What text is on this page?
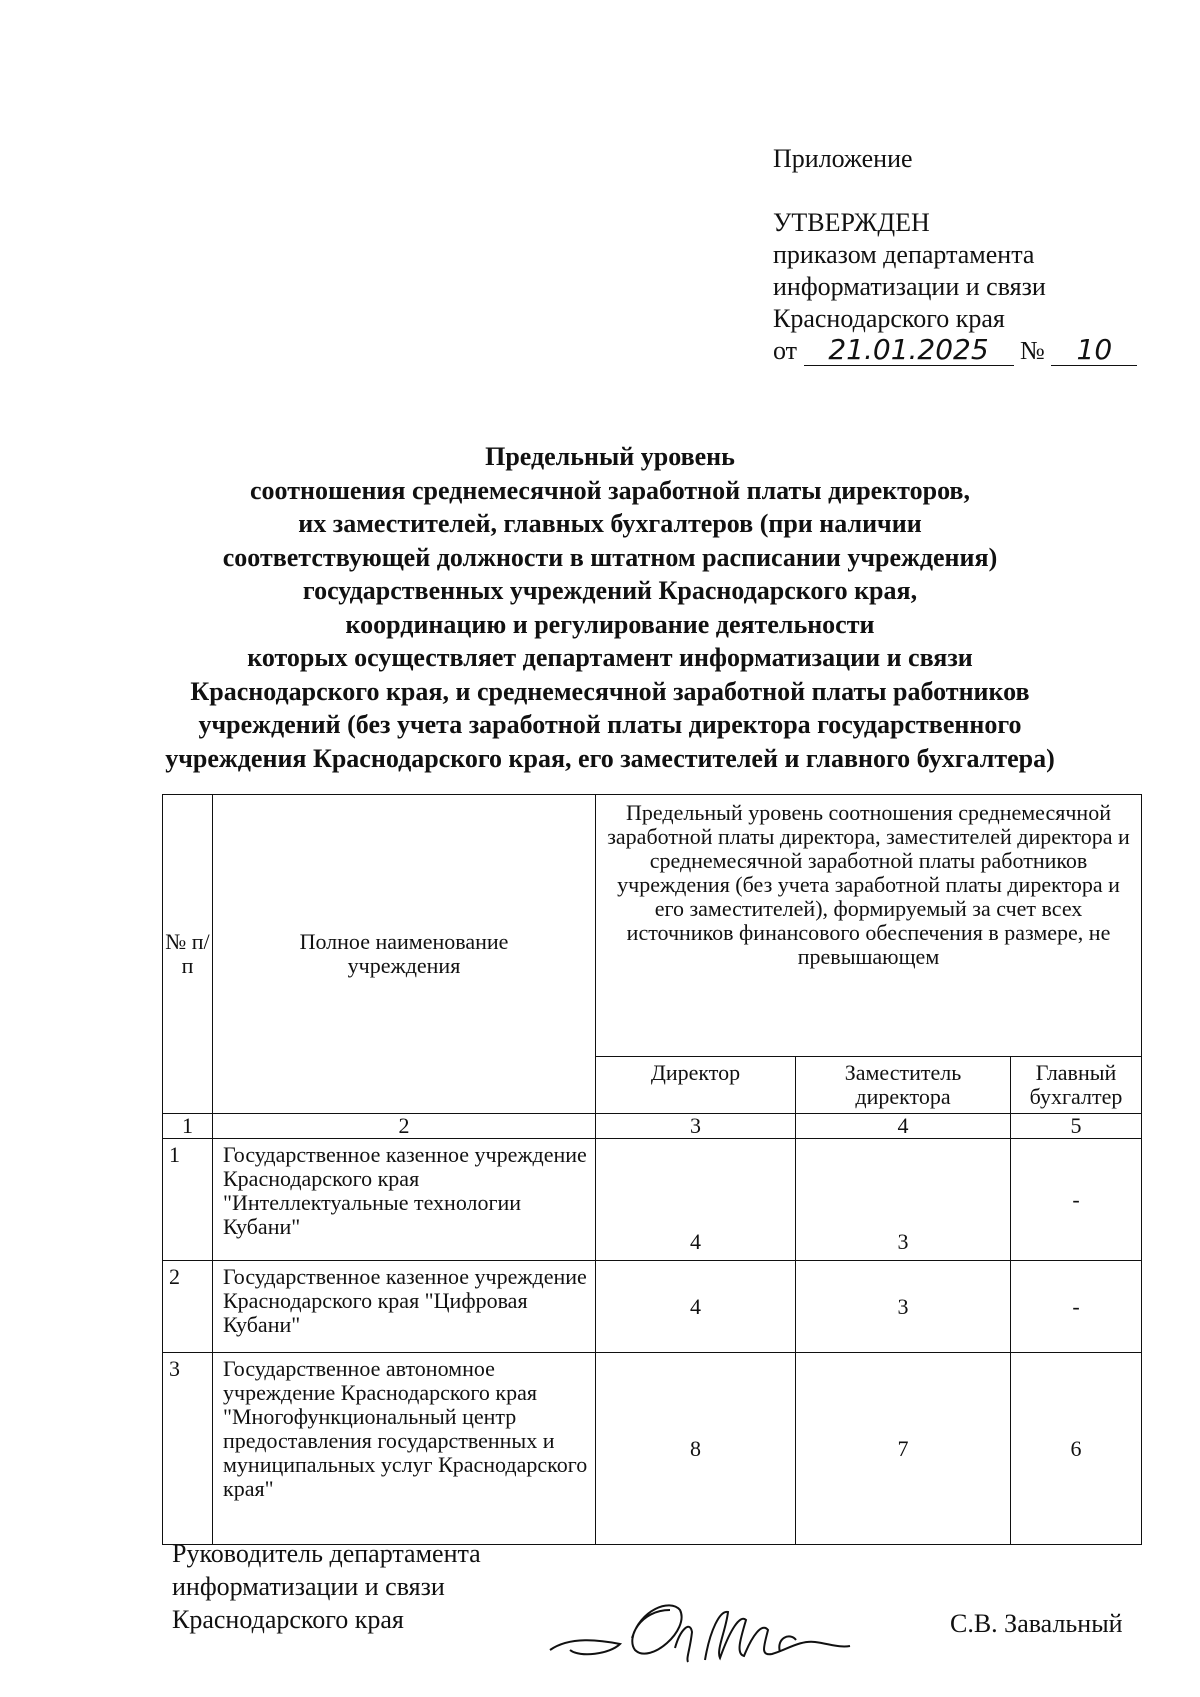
Приложение
УТВЕРЖДЕН
приказом департамента
информатизации и связи
Краснодарского края
от 21.01.2025 № 10
Предельный уровень
соотношения среднемесячной заработной платы директоров,
их заместителей, главных бухгалтеров (при наличии
соответствующей должности в штатном расписании учреждения)
государственных учреждений Краснодарского края,
координацию и регулирование деятельности
которых осуществляет департамент информатизации и связи
Краснодарского края, и среднемесячной заработной платы работников
учреждений (без учета заработной платы директора государственного
учреждения Краснодарского края, его заместителей и главного бухгалтера)
№ п/п	Полное наименование учреждения	Предельный уровень соотношения среднемесячной заработной платы директора, заместителей директора и среднемесячной заработной платы работников учреждения (без учета заработной платы директора и его заместителей), формируемый за счет всех источников финансового обеспечения в размере, не превышающем		
		Директор	Заместитель директора	Главный бухгалтер
1	2	3	4	5
1	Государственное казенное учреждение Краснодарского края "Интеллектуальные технологии Кубани"	4	3	-
2	Государственное казенное учреждение Краснодарского края "Цифровая Кубани"	4	3	-
3	Государственное автономное учреждение Краснодарского края "Многофункциональный центр предоставления государственных и муниципальных услуг Краснодарского края"	8	7	6
Руководитель департамента
информатизации и связи
Краснодарского края	С.В. Завальный
